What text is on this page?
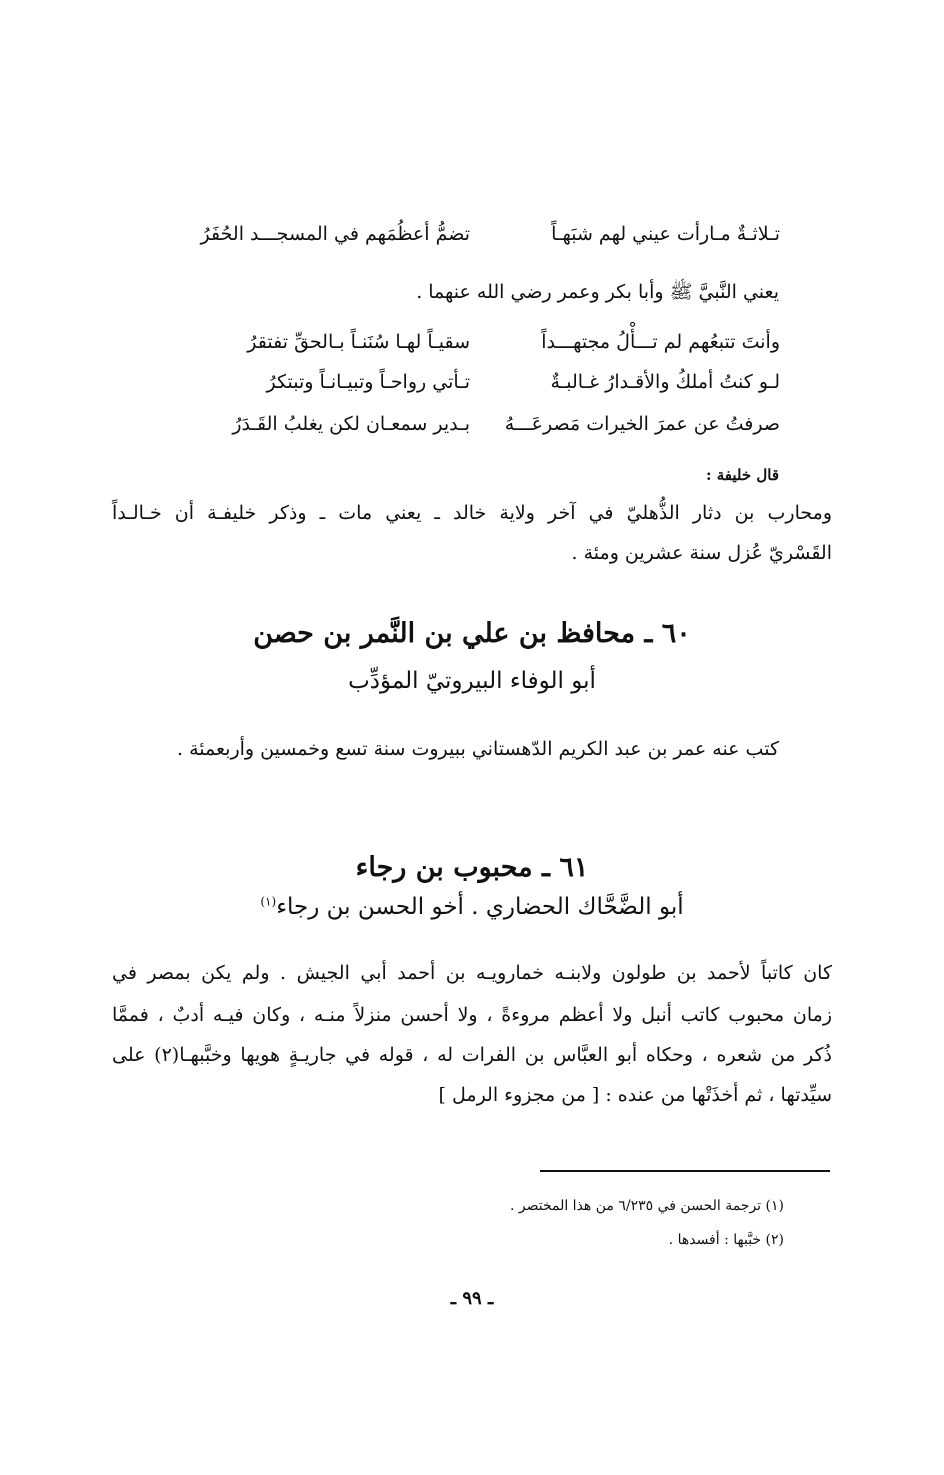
تـلاثـةٌ مـارأت عيني لهم شبَهـاً
تضمُّ أعظُمَهم في المسجـــد الحُفَرُ
يعني النَّبيَّ ﷺ وأبا بكر وعمر رضي الله عنهما .
وأنتَ تتبعُهم لم تـــأْلُ مجتهـــداً
سقيـاً لهـا سُنَنـاً بـالحقِّ تفتقرُ
لـو كنتُ أملكُ والأقـدارُ غـالبـةٌ
تـأتي رواحـاً وتبيـانـاً وتبتكرُ
صرفتُ عن عمرَ الخيرات مَصرعَـــهُ
بـدير سمعـان لكن يغلبُ القَـدَرُ
قال خليفة :
ومحارب بن دثار الذُّهليّ في آخر ولاية خالد ـ يعني مات ـ وذكر خليفـة أن خـالـداً
القَسْريّ عُزل سنة عشرين ومئة .
٦٠ ـ محافظ بن علي بن النَّمر بن حصن
أبو الوفاء البيروتيّ المؤدِّب
كتب عنه عمر بن عبد الكريم الدّهستاني ببيروت سنة تسع وخمسين وأربعمئة .
٦١ ـ محبوب بن رجاء
أبو الضَّحَّاك الحضاري . أخو الحسن بن رجاء$^{(١)}$
كان كاتباً لأحمد بن طولون ولابنـه خمارويـه بن أحمد أبي الجيش . ولم يكن بمصر في
زمان محبوب كاتب أنبل ولا أعظم مروءةً ، ولا أحسن منزلاً منـه ، وكان فيـه أدبٌ ، فممَّا
ذُكر من شعره ، وحكاه أبو العبَّاس بن الفرات له ، قوله في جاريـةٍ هويها وخبَّبهـا(٢) على
سيِّدتها ، ثم أخذَتْها من عنده : [ من مجزوء الرمل ]
(١) ترجمة الحسن في ٦/٢٣٥ من هذا المختصر .
(٢) خبَّبها : أفسدها .
ـ ٩٩ ـ
